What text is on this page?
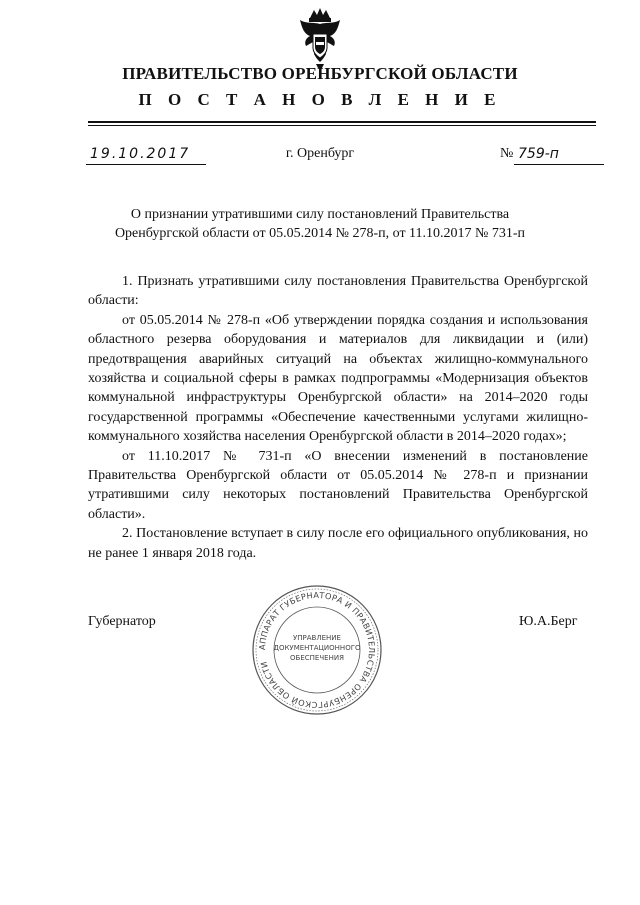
ПРАВИТЕЛЬСТВО ОРЕНБУРГСКОЙ ОБЛАСТИ
П О С Т А Н О В Л Е Н И Е
19.10.2017	г. Оренбург	№ 759-п
О признании утратившими силу постановлений Правительства Оренбургской области от 05.05.2014 № 278-п, от 11.10.2017 № 731-п

1. Признать утратившими силу постановления Правительства Оренбургской области:

от 05.05.2014 № 278-п «Об утверждении порядка создания и использования областного резерва оборудования и материалов для ликвидации и (или) предотвращения аварийных ситуаций на объектах жилищно-коммунального хозяйства и социальной сферы в рамках подпрограммы «Модернизация объектов коммунальной инфраструктуры Оренбургской области» на 2014–2020 годы государственной программы «Обеспечение качественными услугами жилищно-коммунального хозяйства населения Оренбургской области в 2014–2020 годах»;

от 11.10.2017 № 731-п «О внесении изменений в постановление Правительства Оренбургской области от 05.05.2014 № 278-п и признании утратившими силу некоторых постановлений Правительства Оренбургской области».

2. Постановление вступает в силу после его официального опубликования, но не ранее 1 января 2018 года.

Губернатор	Ю.А.Берг
АППАРАТ ГУБЕРНАТОРА И ПРАВИТЕЛЬСТВА ОРЕНБУРГСКОЙ ОБЛАСТИ
УПРАВЛЕНИЕ
ДОКУМЕНТАЦИОННОГО
ОБЕСПЕЧЕНИЯ
